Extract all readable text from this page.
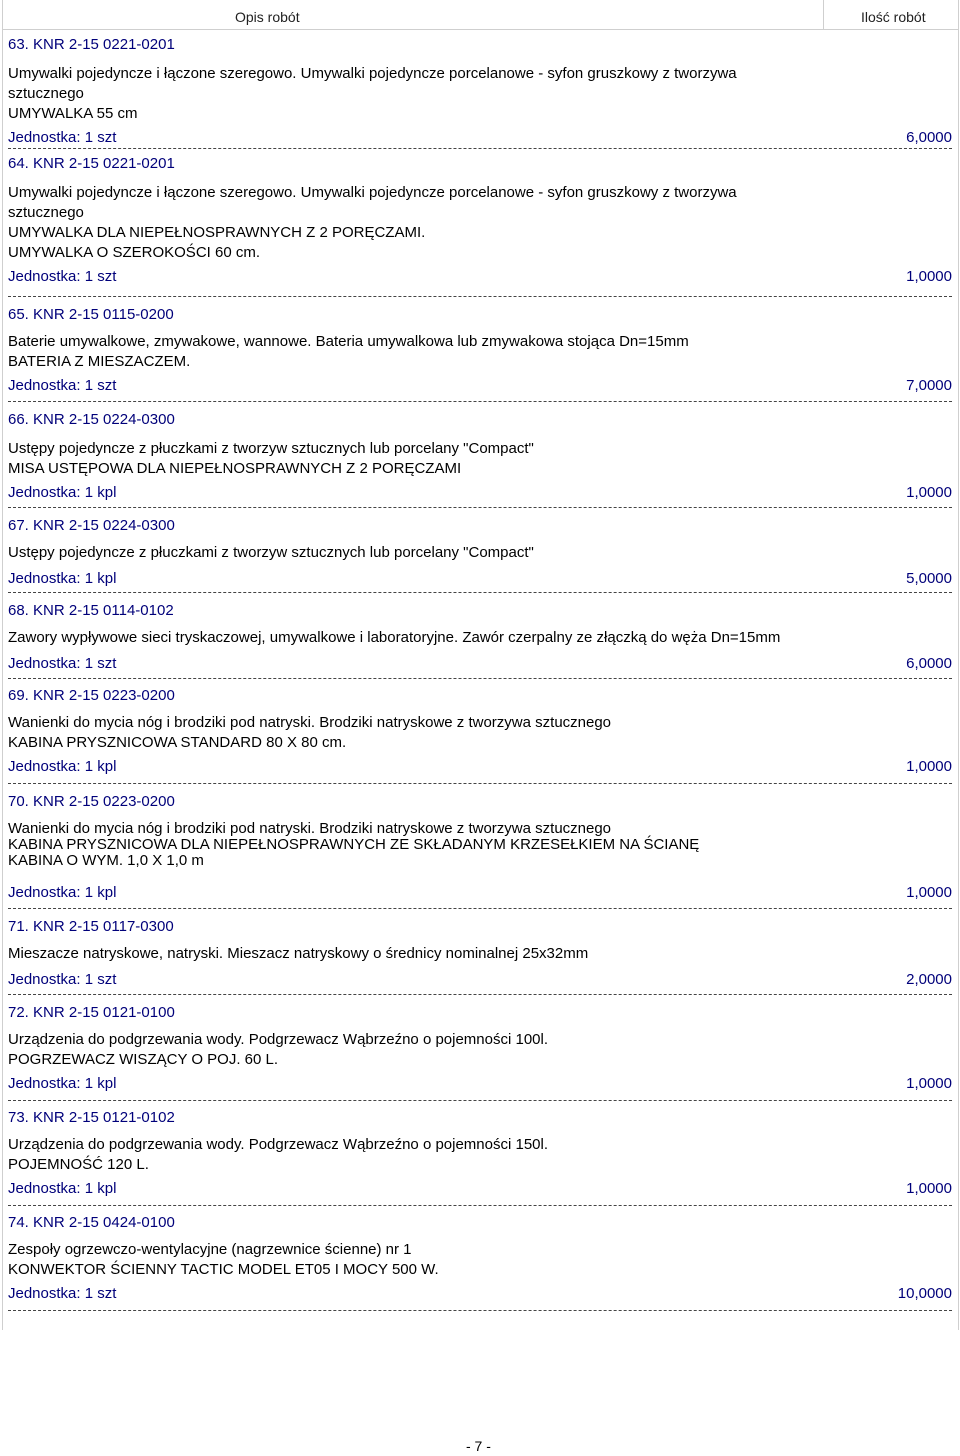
Opis robót	Ilość robót
63. KNR 2-15 0221-0201
Umywalki pojedyncze i łączone szeregowo. Umywalki pojedyncze porcelanowe - syfon gruszkowy z tworzywa
sztucznego
UMYWALKA 55 cm
Jednostka: 1 szt	6,0000
64. KNR 2-15 0221-0201
Umywalki pojedyncze i łączone szeregowo. Umywalki pojedyncze porcelanowe - syfon gruszkowy z tworzywa
sztucznego
UMYWALKA DLA NIEPEŁNOSPRAWNYCH Z 2 PORĘCZAMI.
UMYWALKA O SZEROKOŚCI 60 cm.
Jednostka: 1 szt	1,0000
65. KNR 2-15 0115-0200
Baterie umywalkowe, zmywakowe, wannowe. Bateria umywalkowa lub zmywakowa stojąca Dn=15mm
BATERIA Z MIESZACZEM.
Jednostka: 1 szt	7,0000
66. KNR 2-15 0224-0300
Ustępy pojedyncze z płuczkami z tworzyw sztucznych lub porcelany "Compact"
MISA USTĘPOWA DLA NIEPEŁNOSPRAWNYCH Z 2 PORĘCZAMI
Jednostka: 1 kpl	1,0000
67. KNR 2-15 0224-0300
Ustępy pojedyncze z płuczkami z tworzyw sztucznych lub porcelany "Compact"
Jednostka: 1 kpl	5,0000
68. KNR 2-15 0114-0102
Zawory wypływowe sieci tryskaczowej, umywalkowe i laboratoryjne. Zawór czerpalny ze złączką do węża Dn=15mm
Jednostka: 1 szt	6,0000
69. KNR 2-15 0223-0200
Wanienki do mycia nóg i brodziki pod natryski. Brodziki natryskowe z tworzywa sztucznego
KABINA PRYSZNICOWA STANDARD 80 X 80 cm.
Jednostka: 1 kpl	1,0000
70. KNR 2-15 0223-0200
Wanienki do mycia nóg i brodziki pod natryski. Brodziki natryskowe z tworzywa sztucznego
KABINA PRYSZNICOWA DLA NIEPEŁNOSPRAWNYCH ZE SKŁADANYM KRZESEŁKIEM NA ŚCIANĘ
KABINA O WYM. 1,0 X 1,0 m
Jednostka: 1 kpl	1,0000
71. KNR 2-15 0117-0300
Mieszacze natryskowe, natryski. Mieszacz natryskowy o średnicy nominalnej 25x32mm
Jednostka: 1 szt	2,0000
72. KNR 2-15 0121-0100
Urządzenia do podgrzewania wody. Podgrzewacz Wąbrzeźno o pojemności 100l.
POGRZEWACZ WISZĄCY O POJ. 60 L.
Jednostka: 1 kpl	1,0000
73. KNR 2-15 0121-0102
Urządzenia do podgrzewania wody. Podgrzewacz Wąbrzeźno o pojemności 150l.
POJEMNOŚĆ 120 L.
Jednostka: 1 kpl	1,0000
74. KNR 2-15 0424-0100
Zespoły ogrzewczo-wentylacyjne (nagrzewnice ścienne) nr 1
KONWEKTOR ŚCIENNY TACTIC MODEL ET05 I MOCY 500 W.
Jednostka: 1 szt	10,0000
- 7 -
